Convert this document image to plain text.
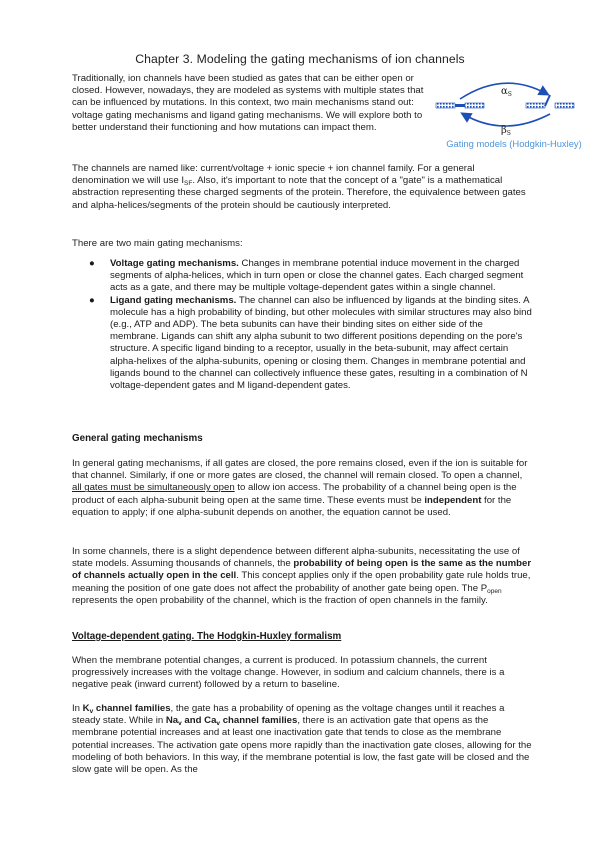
Chapter 3. Modeling the gating mechanisms of ion channels

Traditionally, ion channels have been studied as gates that can be either open or closed. However, nowadays, they are modeled as systems with multiple states that can be influenced by mutations. In this context, two main mechanisms stand out: voltage gating mechanisms and ligand gating mechanisms. We will explore both to better understand their functioning and how mutations can impact them.

$\alpha_S$
$\beta_S$
Gating models (Hodgkin-Huxley)

The channels are named like: current/voltage + ionic specie + ion channel family. For a general denomination we will use $I_{SF}$. Also, it's important to note that the concept of a "gate" is a mathematical abstraction representing these charged segments of the protein. Therefore, the equivalence between gates and alpha-helices/segments of the protein should be cautiously interpreted.

There are two main gating mechanisms:

● Voltage gating mechanisms. Changes in membrane potential induce movement in the charged segments of alpha-helices, which in turn open or close the channel gates. Each charged segment acts as a gate, and there may be multiple voltage-dependent gates within a single channel.
● Ligand gating mechanisms. The channel can also be influenced by ligands at the binding sites. A molecule has a high probability of binding, but other molecules with similar structures may also bind (e.g., ATP and ADP). The beta subunits can have their binding sites on either side of the membrane. Ligands can shift any alpha subunit to two different positions depending on the pore's structure. A specific ligand binding to a receptor, usually in the beta-subunit, may affect certain alpha-helixes of the alpha-subunits, opening or closing them. Changes in membrane potential and ligands bound to the channel can collectively influence these gates, resulting in a combination of N voltage-dependent gates and M ligand-dependent gates.
General gating mechanisms

In general gating mechanisms, if all gates are closed, the pore remains closed, even if the ion is suitable for that channel. Similarly, if one or more gates are closed, the channel will remain closed. To open a channel, all gates must be simultaneously open to allow ion access. The probability of a channel being open is the product of each alpha-subunit being open at the same time. These events must be independent for the equation to apply; if one alpha-subunit depends on another, the equation cannot be used.

In some channels, there is a slight dependence between different alpha-subunits, necessitating the use of state models. Assuming thousands of channels, the probability of being open is the same as the number of channels actually open in the cell. This concept applies only if the open probability gate rule holds true, meaning the position of one gate does not affect the probability of another gate being open. The $P_{open}$ represents the open probability of the channel, which is the fraction of open channels in the family.

Voltage-dependent gating. The Hodgkin-Huxley formalism

When the membrane potential changes, a current is produced. In potassium channels, the current progressively increases with the voltage change. However, in sodium and calcium channels, there is a negative peak (inward current) followed by a return to baseline.

In $K_v$ channel families, the gate has a probability of opening as the voltage changes until it reaches a steady state. While in $Na_v$ and $Ca_v$ channel families, there is an activation gate that opens as the membrane potential increases and at least one inactivation gate that tends to close as the membrane potential increases. The activation gate opens more rapidly than the inactivation gate closes, allowing for the modeling of both behaviors. In this way, if the membrane potential is low, the fast gate will be closed and the slow gate will be open. As the
